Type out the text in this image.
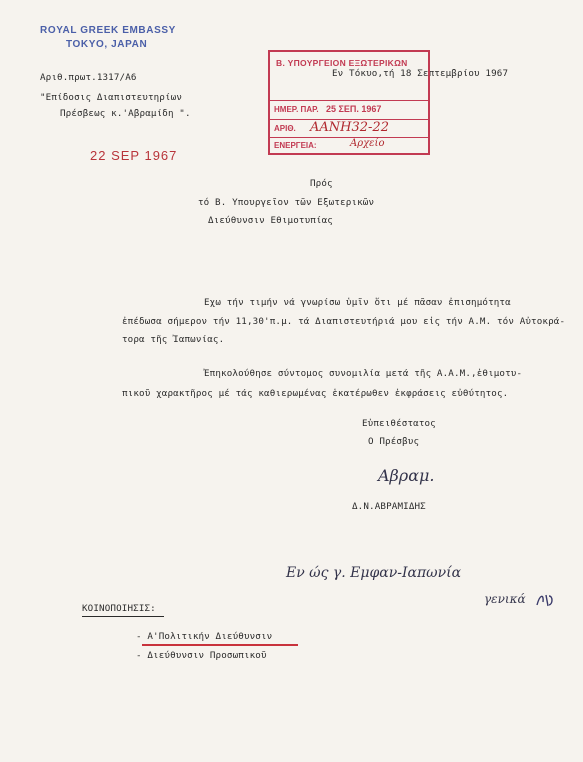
ROYAL GREEK EMBASSY
TOKYO, JAPAN
Αριθ.πρωτ.1317/Α6
"Επίδοσις Διαπιστευτηρίων
Πρέσβεως κ.'Αβραμίδη ".
22 SEP 1967
Εν Τόκυο,τή 18 Σεπτεμβρίου 1967
Β. ΥΠΟΥΡΓΕΙΟΝ ΕΞΩΤΕΡΙΚΩΝ
ΗΜΕΡ. ΠΑΡ. 25 ΣΕΠ. 1967
ΑΡΙΘ. ΑΑΝΗ32-22
ΕΝΕΡΓΕΙΑ:	Αρχείο
Πρός
τό Β. Υπουργεῖον τῶν Εξωτερικῶν
Διεύθυνσιν Εθιμοτυπίας
Εχω τήν τιμήν νά γνωρίσω ὑμῖν ὅτι μέ πᾶσαν ἐπισημότητα
ἐπέδωσα σήμερον τήν 11,30'π.μ. τά Διαπιστευτήριά μου εἰς τήν Α.Μ. τόν Αὐτοκρά-
τορα τῆς Ἰαπωνίας.
Ἐπηκολούθησε σύντομος συνομιλία μετά τῆς Α.Α.Μ.,ἐθιμοτυ-
πικοῦ χαρακτῆρος μέ τάς καθιερωμένας ἑκατέρωθεν ἐκφράσεις εὐθύτητος.
Εὐπειθέστατος
Ο Πρέσβυς
Αβραμ.
Δ.Ν.ΑΒΡΑΜΙΔΗΣ
Εν ώς γ. Εμφαν-Ιαπωνία
γενικά
ΚΟΙΝΟΠΟΙΗΣΙΣ:
- Α'Πολιτικήν Διεύθυνσιν
- Διεύθυνσιν Προσωπικοῦ
